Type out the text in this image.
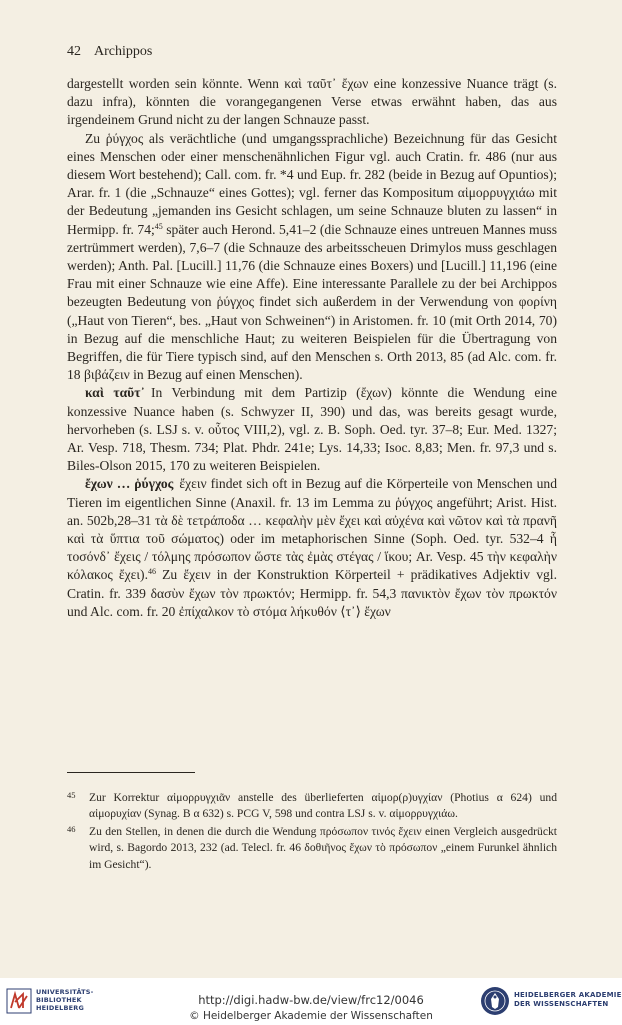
42 Archippos

dargestellt worden sein könnte. Wenn καὶ ταῦτ᾽ ἔχων eine konzessive Nuance trägt (s. dazu infra), könnten die vorangegangenen Verse etwas erwähnt haben, das aus irgendeinem Grund nicht zu der langen Schnauze passt.

Zu ῥύγχος als verächtliche (und umgangssprachliche) Bezeichnung für das Gesicht eines Menschen oder einer menschenähnlichen Figur vgl. auch Cratin. fr. 486 (nur aus diesem Wort bestehend); Call. com. fr. *4 und Eup. fr. 282 (beide in Bezug auf Opuntios); Arar. fr. 1 (die „Schnauze“ eines Gottes); vgl. ferner das Kompositum αἱμορρυγχιάω mit der Bedeutung „jemanden ins Gesicht schlagen, um seine Schnauze bluten zu lassen“ in Hermipp. fr. 74;$^{45}$ später auch Herond. 5,41–2 (die Schnauze eines untreuen Mannes muss zertrümmert werden), 7,6–7 (die Schnauze des arbeitsscheuen Drimylos muss geschlagen werden); Anth. Pal. [Lucill.] 11,76 (die Schnauze eines Boxers) und [Lucill.] 11,196 (eine Frau mit einer Schnauze wie eine Affe). Eine interessante Parallele zu der bei Archippos bezeugten Bedeutung von ῥύγχος findet sich außerdem in der Verwendung von φορίνη („Haut von Tieren“, bes. „Haut von Schweinen“) in Aristomen. fr. 10 (mit Orth 2014, 70) in Bezug auf die menschliche Haut; zu weiteren Beispielen für die Übertragung von Begriffen, die für Tiere typisch sind, auf den Menschen s. Orth 2013, 85 (ad Alc. com. fr. 18 βιβάζειν in Bezug auf einen Menschen).

καὶ ταῦτ᾽ In Verbindung mit dem Partizip (ἔχων) könnte die Wendung eine konzessive Nuance haben (s. Schwyzer II, 390) und das, was bereits gesagt wurde, hervorheben (s. LSJ s. v. οὗτος VIII,2), vgl. z. B. Soph. Oed. tyr. 37–8; Eur. Med. 1327; Ar. Vesp. 718, Thesm. 734; Plat. Phdr. 241e; Lys. 14,33; Isoc. 8,83; Men. fr. 97,3 und s. Biles-Olson 2015, 170 zu weiteren Beispielen.

ἔχων … ῥύγχος ἔχειν findet sich oft in Bezug auf die Körperteile von Menschen und Tieren im eigentlichen Sinne (Anaxil. fr. 13 im Lemma zu ῥύγχος angeführt; Arist. Hist. an. 502b,28–31 τὰ δὲ τετράποδα … κεφαλὴν μὲν ἔχει καὶ αὐχένα καὶ νῶτον καὶ τὰ πρανῆ καὶ τὰ ὕπτια τοῦ σώματος) oder im metaphorischen Sinne (Soph. Oed. tyr. 532–4 ἦ τοσόνδ᾽ ἔχεις / τόλμης πρόσωπον ὥστε τὰς ἐμὰς στέγας / ἵκου; Ar. Vesp. 45 τὴν κεφαλὴν κόλακος ἔχει).$^{46}$ Zu ἔχειν in der Konstruktion Körperteil + prädikatives Adjektiv vgl. Cratin. fr. 339 δασὺν ἔχων τὸν πρωκτόν; Hermipp. fr. 54,3 πανικτὸν ἔχων τὸν πρωκτόν und Alc. com. fr. 20 ἐπίχαλκον τὸ στόμα λήκυθόν ⟨τ᾽⟩ ἔχων

45 Zur Korrektur αἱμορρυγχιᾶν anstelle des überlieferten αἱμορ(ρ)υγχίαν (Photius α 624) und αἱμορυχίαν (Synag. B α 632) s. PCG V, 598 und contra LSJ s. v. αἱμορρυγχιάω.
46 Zu den Stellen, in denen die durch die Wendung πρόσωπον τινός ἔχειν einen Vergleich ausgedrückt wird, s. Bagordo 2013, 232 (ad. Telecl. fr. 46 δοθιῆνος ἔχων τὸ πρόσωπον „einem Furunkel ähnlich im Gesicht“).
UNIVERSITÄTS-
BIBLIOTHEK
HEIDELBERG
http://digi.hadw-bw.de/view/frc12/0046
© Heidelberger Akademie der Wissenschaften
HEIDELBERGER AKADEMIE
DER WISSENSCHAFTEN
